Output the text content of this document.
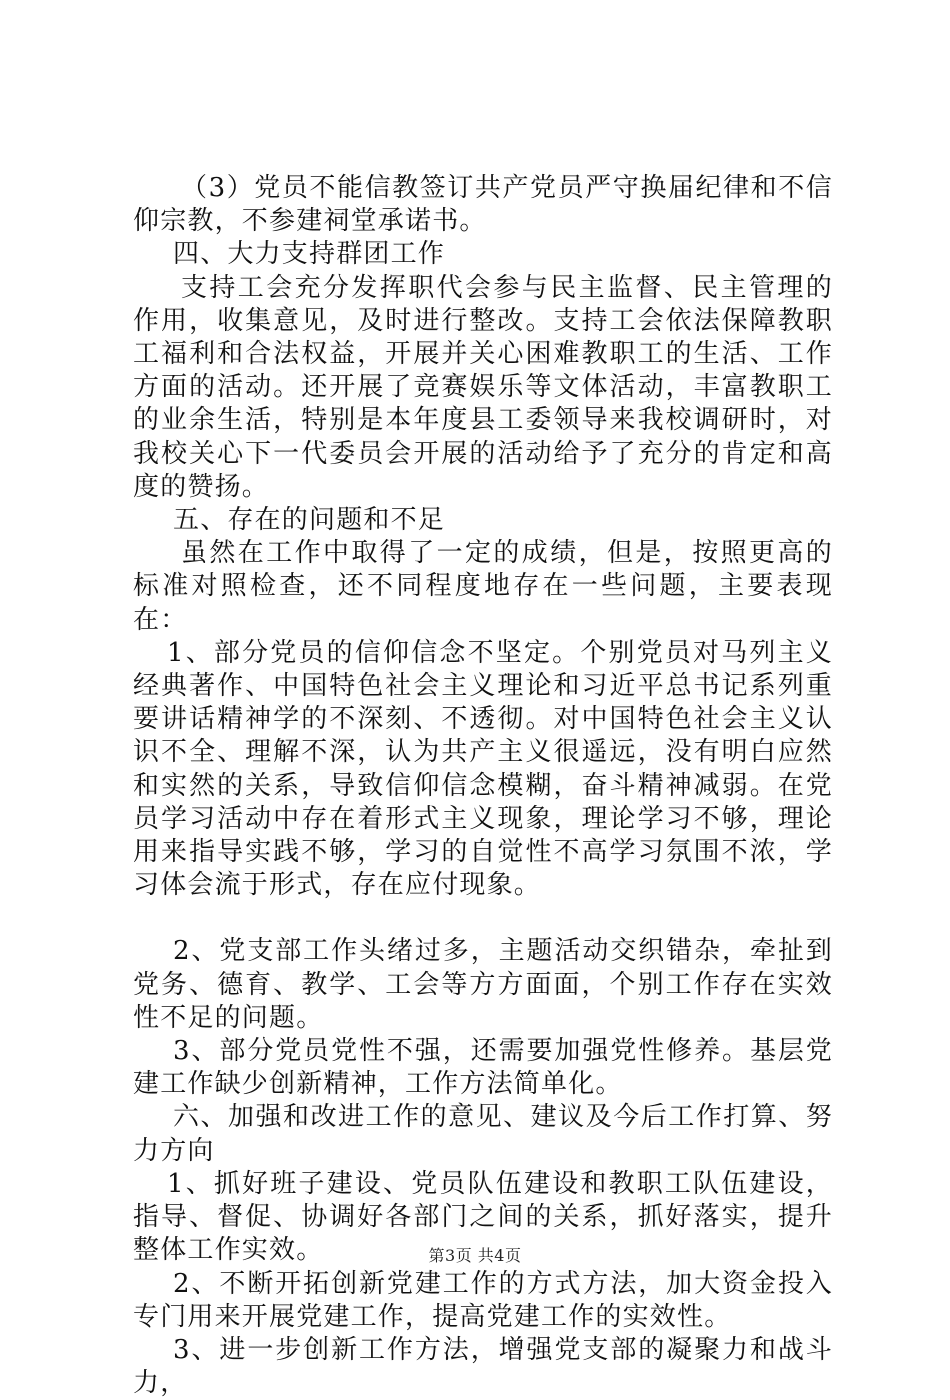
（3）党员不能信教签订共产党员严守换届纪律和不信仰宗教，不参建祠堂承诺书。

四、大力支持群团工作

支持工会充分发挥职代会参与民主监督、民主管理的作用，收集意见，及时进行整改。支持工会依法保障教职工福利和合法权益，开展并关心困难教职工的生活、工作方面的活动。还开展了竞赛娱乐等文体活动，丰富教职工的业余生活，特别是本年度县工委领导来我校调研时，对我校关心下一代委员会开展的活动给予了充分的肯定和高度的赞扬。

五、存在的问题和不足

虽然在工作中取得了一定的成绩，但是，按照更高的标准对照检查，还不同程度地存在一些问题，主要表现在：

1、部分党员的信仰信念不坚定。个别党员对马列主义经典著作、中国特色社会主义理论和习近平总书记系列重要讲话精神学的不深刻、不透彻。对中国特色社会主义认识不全、理解不深，认为共产主义很遥远，没有明白应然和实然的关系，导致信仰信念模糊，奋斗精神减弱。在党员学习活动中存在着形式主义现象，理论学习不够，理论用来指导实践不够，学习的自觉性不高学习氛围不浓，学习体会流于形式，存在应付现象。

2、党支部工作头绪过多，主题活动交织错杂，牵扯到党务、德育、教学、工会等方方面面，个别工作存在实效性不足的问题。

3、部分党员党性不强，还需要加强党性修养。基层党建工作缺少创新精神，工作方法简单化。

六、加强和改进工作的意见、建议及今后工作打算、努力方向

1、抓好班子建设、党员队伍建设和教职工队伍建设，指导、督促、协调好各部门之间的关系，抓好落实，提升整体工作实效。

2、不断开拓创新党建工作的方式方法，加大资金投入专门用来开展党建工作，提高党建工作的实效性。

3、进一步创新工作方法，增强党支部的凝聚力和战斗力，

第3页 共4页
